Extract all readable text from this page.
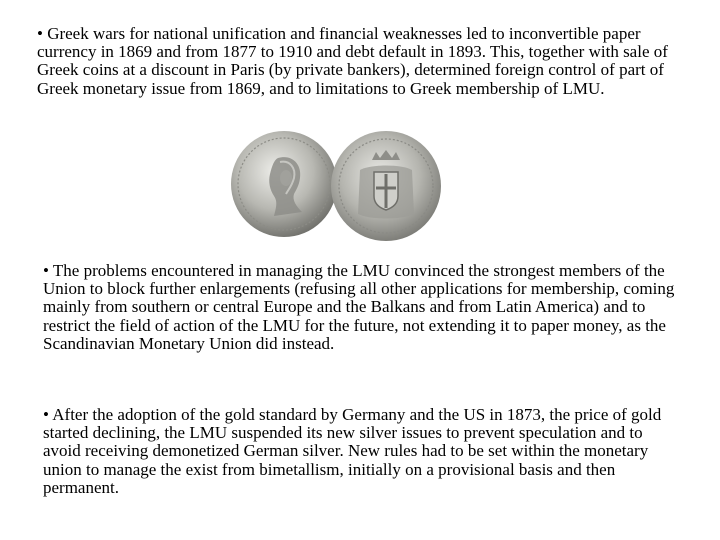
• Greek wars for national unification and financial weaknesses led to inconvertible paper currency in 1869 and from 1877 to 1910 and debt default in 1893. This, together with sale of Greek coins at a discount in Paris (by private bankers), determined foreign control of part of Greek monetary issue from 1869, and to limitations to Greek membership of LMU.

• The problems encountered in managing the LMU convinced the strongest members of the Union to block further enlargements (refusing all other applications for membership, coming mainly from southern or central Europe and the Balkans and from Latin America) and to restrict the field of action of the LMU for the future, not extending it to paper money, as the Scandinavian Monetary Union did instead.

• After the adoption of the gold standard by Germany and the US in 1873, the price of gold started declining, the LMU suspended its new silver issues to prevent speculation and to avoid receiving demonetized German silver. New rules had to be set within the monetary union to manage the exist from bimetallism, initially on a provisional basis and then permanent.
